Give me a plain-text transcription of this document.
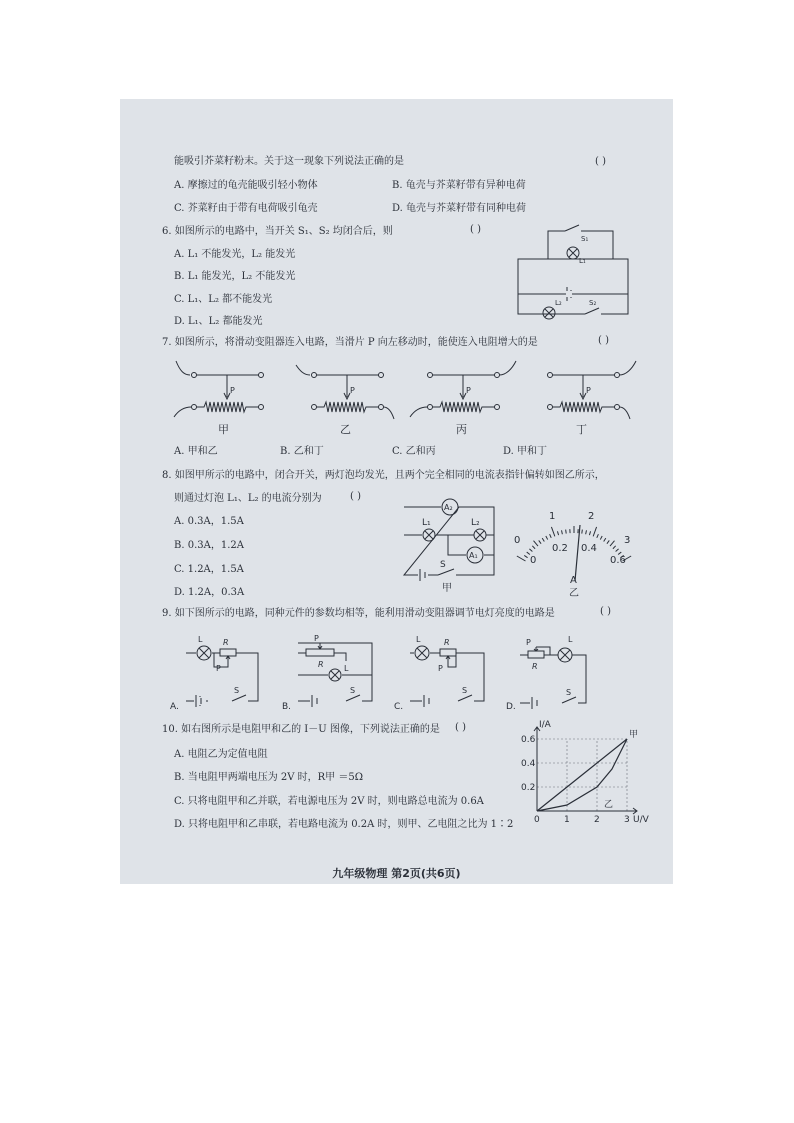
能吸引芥菜籽粉末。关于这一现象下列说法正确的是	( )
A. 摩擦过的龟壳能吸引轻小物体	B. 龟壳与芥菜籽带有异种电荷
C. 芥菜籽由于带有电荷吸引龟壳	D. 龟壳与芥菜籽带有同种电荷
6. 如图所示的电路中，当开关 S₁、S₂ 均闭合后，则	( )
A. L₁ 不能发光，L₂ 能发光
B. L₁ 能发光，L₂ 不能发光
C. L₁、L₂ 都不能发光
D. L₁、L₂ 都能发光
S₁
L₁
L₂	S₂
7. 如图所示，将滑动变阻器连入电路，当滑片 P 向左移动时，能使连入电阻增大的是	( )
P
甲
P
乙
P
丙
P
丁
A. 甲和乙	B. 乙和丁	C. 乙和丙	D. 甲和丁
8. 如图甲所示的电路中，闭合开关，两灯泡均发光，且两个完全相同的电流表指针偏转如图乙所示，
则通过灯泡 L₁、L₂ 的电流分别为	( )
A. 0.3A，1.5A
B. 0.3A，1.2A
C. 1.2A，1.5A
D. 1.2A，0.3A
A₂
A₁
L₁	L₂
S
甲
0
1	2
3
0
0.2 0.4
0.6
A
乙
9. 如下图所示的电路，同种元件的参数均相等，能利用滑动变阻器调节电灯亮度的电路是	( )
L	R
P
S
A.
P
R	L
S
B.
L	R
P
S
C.
L
P
R
S
D.
10. 如右图所示是电阻甲和乙的 I－U 图像，下列说法正确的是 ( )
A. 电阻乙为定值电阻
B. 当电阻甲两端电压为 2V 时，R甲 ＝5Ω
C. 只将电阻甲和乙并联，若电源电压为 2V 时，则电路总电流为 0.6A
D. 只将电阻甲和乙串联，若电路电流为 0.2A 时，则甲、乙电阻之比为 1∶2 0	1	2	3
0.2
0.4
0.6
I/A
U/V
甲
乙
九年级物理 第2页(共6页)
